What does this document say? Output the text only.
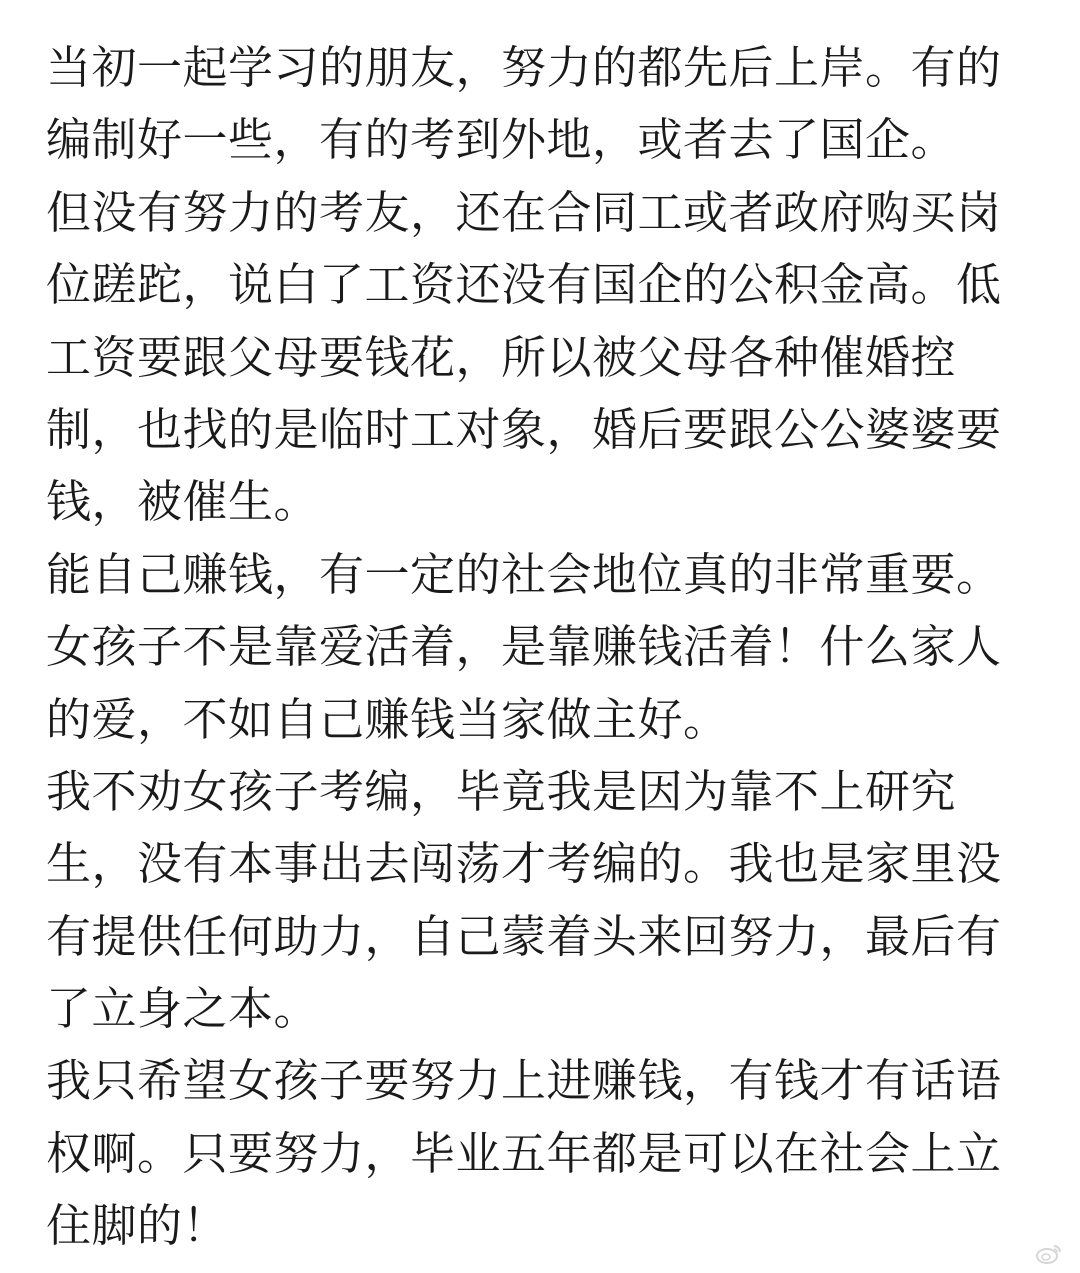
当初一起学习的朋友，努力的都先后上岸。有的
编制好一些，有的考到外地，或者去了国企。
但没有努力的考友，还在合同工或者政府购买岗
位蹉跎，说白了工资还没有国企的公积金高。低
工资要跟父母要钱花，所以被父母各种催婚控
制，也找的是临时工对象，婚后要跟公公婆婆要
钱，被催生。
能自己赚钱，有一定的社会地位真的非常重要。
女孩子不是靠爱活着，是靠赚钱活着！什么家人
的爱，不如自己赚钱当家做主好。
我不劝女孩子考编，毕竟我是因为靠不上研究
生，没有本事出去闯荡才考编的。我也是家里没
有提供任何助力，自己蒙着头来回努力，最后有
了立身之本。
我只希望女孩子要努力上进赚钱，有钱才有话语
权啊。只要努力，毕业五年都是可以在社会上立
住脚的！
